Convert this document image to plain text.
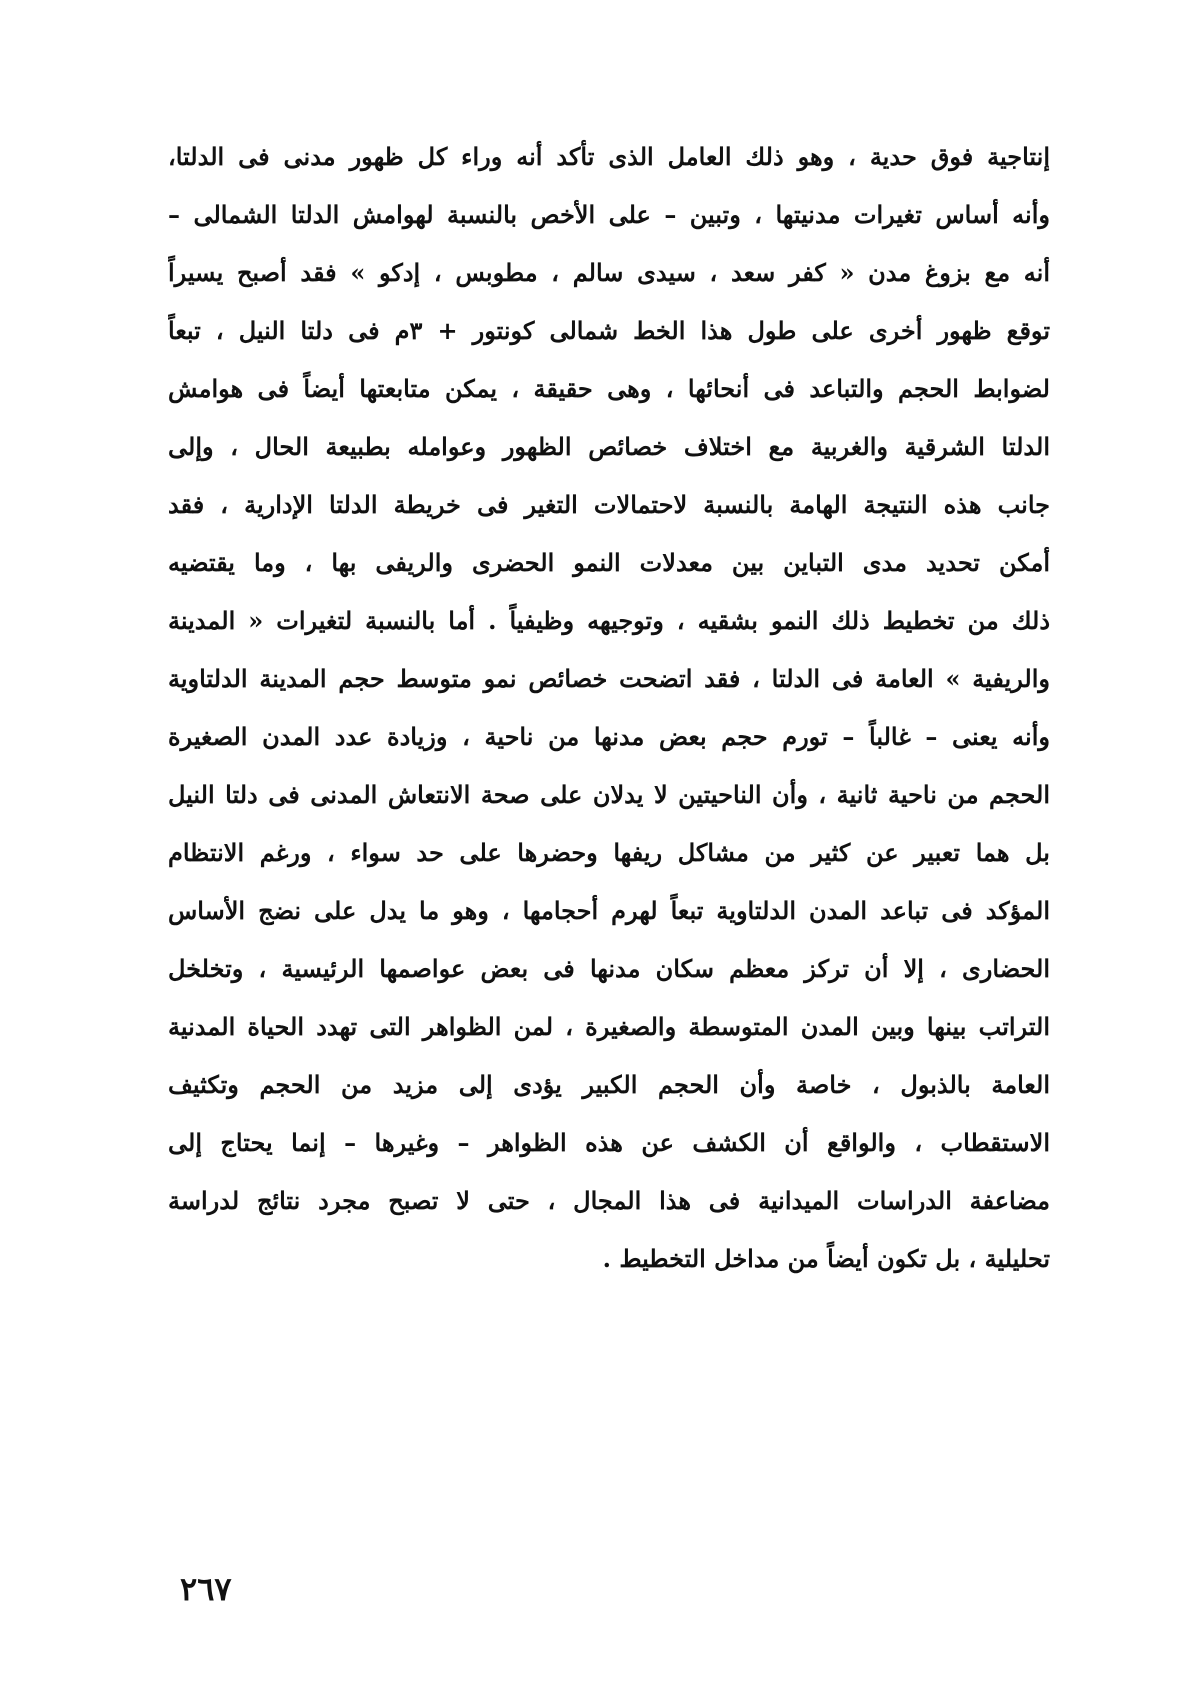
إنتاجية فوق حدية ، وهو ذلك العامل الذى تأكد أنه وراء كل ظهور مدنى فى الدلتا،
وأنه أساس تغيرات مدنيتها ، وتبين – على الأخص بالنسبة لهوامش الدلتا الشمالى –
أنه مع بزوغ مدن « كفر سعد ، سيدى سالم ، مطوبس ، إدكو » فقد أصبح يسيراً
توقع ظهور أخرى على طول هذا الخط شمالى كونتور + ٣م فى دلتا النيل ، تبعاً
لضوابط الحجم والتباعد فى أنحائها ، وهى حقيقة ، يمكن متابعتها أيضاً فى هوامش
الدلتا الشرقية والغربية مع اختلاف خصائص الظهور وعوامله بطبيعة الحال ، وإلى
جانب هذه النتيجة الهامة بالنسبة لاحتمالات التغير فى خريطة الدلتا الإدارية ، فقد
أمكن تحديد مدى التباين بين معدلات النمو الحضرى والريفى بها ، وما يقتضيه
ذلك من تخطيط ذلك النمو بشقيه ، وتوجيهه وظيفياً . أما بالنسبة لتغيرات « المدينة
والريفية » العامة فى الدلتا ، فقد اتضحت خصائص نمو متوسط حجم المدينة الدلتاوية
وأنه يعنى – غالباً – تورم حجم بعض مدنها من ناحية ، وزيادة عدد المدن الصغيرة
الحجم من ناحية ثانية ، وأن الناحيتين لا يدلان على صحة الانتعاش المدنى فى دلتا النيل
بل هما تعبير عن كثير من مشاكل ريفها وحضرها على حد سواء ، ورغم الانتظام
المؤكد فى تباعد المدن الدلتاوية تبعاً لهرم أحجامها ، وهو ما يدل على نضج الأساس
الحضارى ، إلا أن تركز معظم سكان مدنها فى بعض عواصمها الرئيسية ، وتخلخل
التراتب بينها وبين المدن المتوسطة والصغيرة ، لمن الظواهر التى تهدد الحياة المدنية
العامة بالذبول ، خاصة وأن الحجم الكبير يؤدى إلى مزيد من الحجم وتكثيف
الاستقطاب ، والواقع أن الكشف عن هذه الظواهر – وغيرها – إنما يحتاج إلى
مضاعفة الدراسات الميدانية فى هذا المجال ، حتى لا تصبح مجرد نتائج لدراسة
تحليلية ، بل تكون أيضاً من مداخل التخطيط .
٢٦٧
